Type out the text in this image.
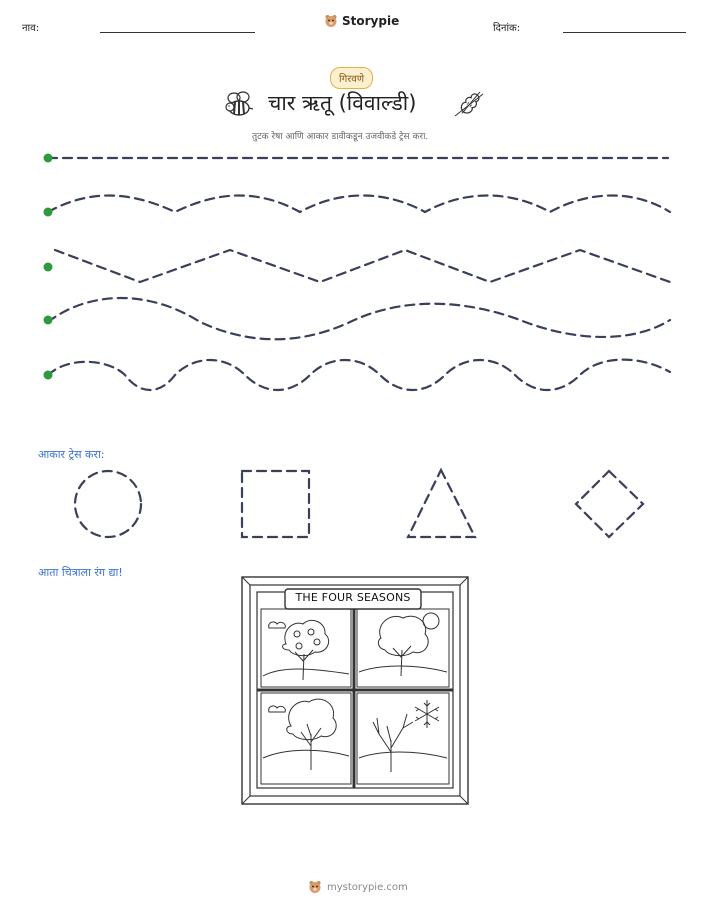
नाव:
Storypie
दिनांक:
गिरवणे
चार ऋतू (विवाल्डी)
तुटक रेषा आणि आकार डावीकडून उजवीकडे ट्रेस करा.
आकार ट्रेस करा:
आता चित्राला रंग द्या!
THE FOUR SEASONS
mystorypie.com
